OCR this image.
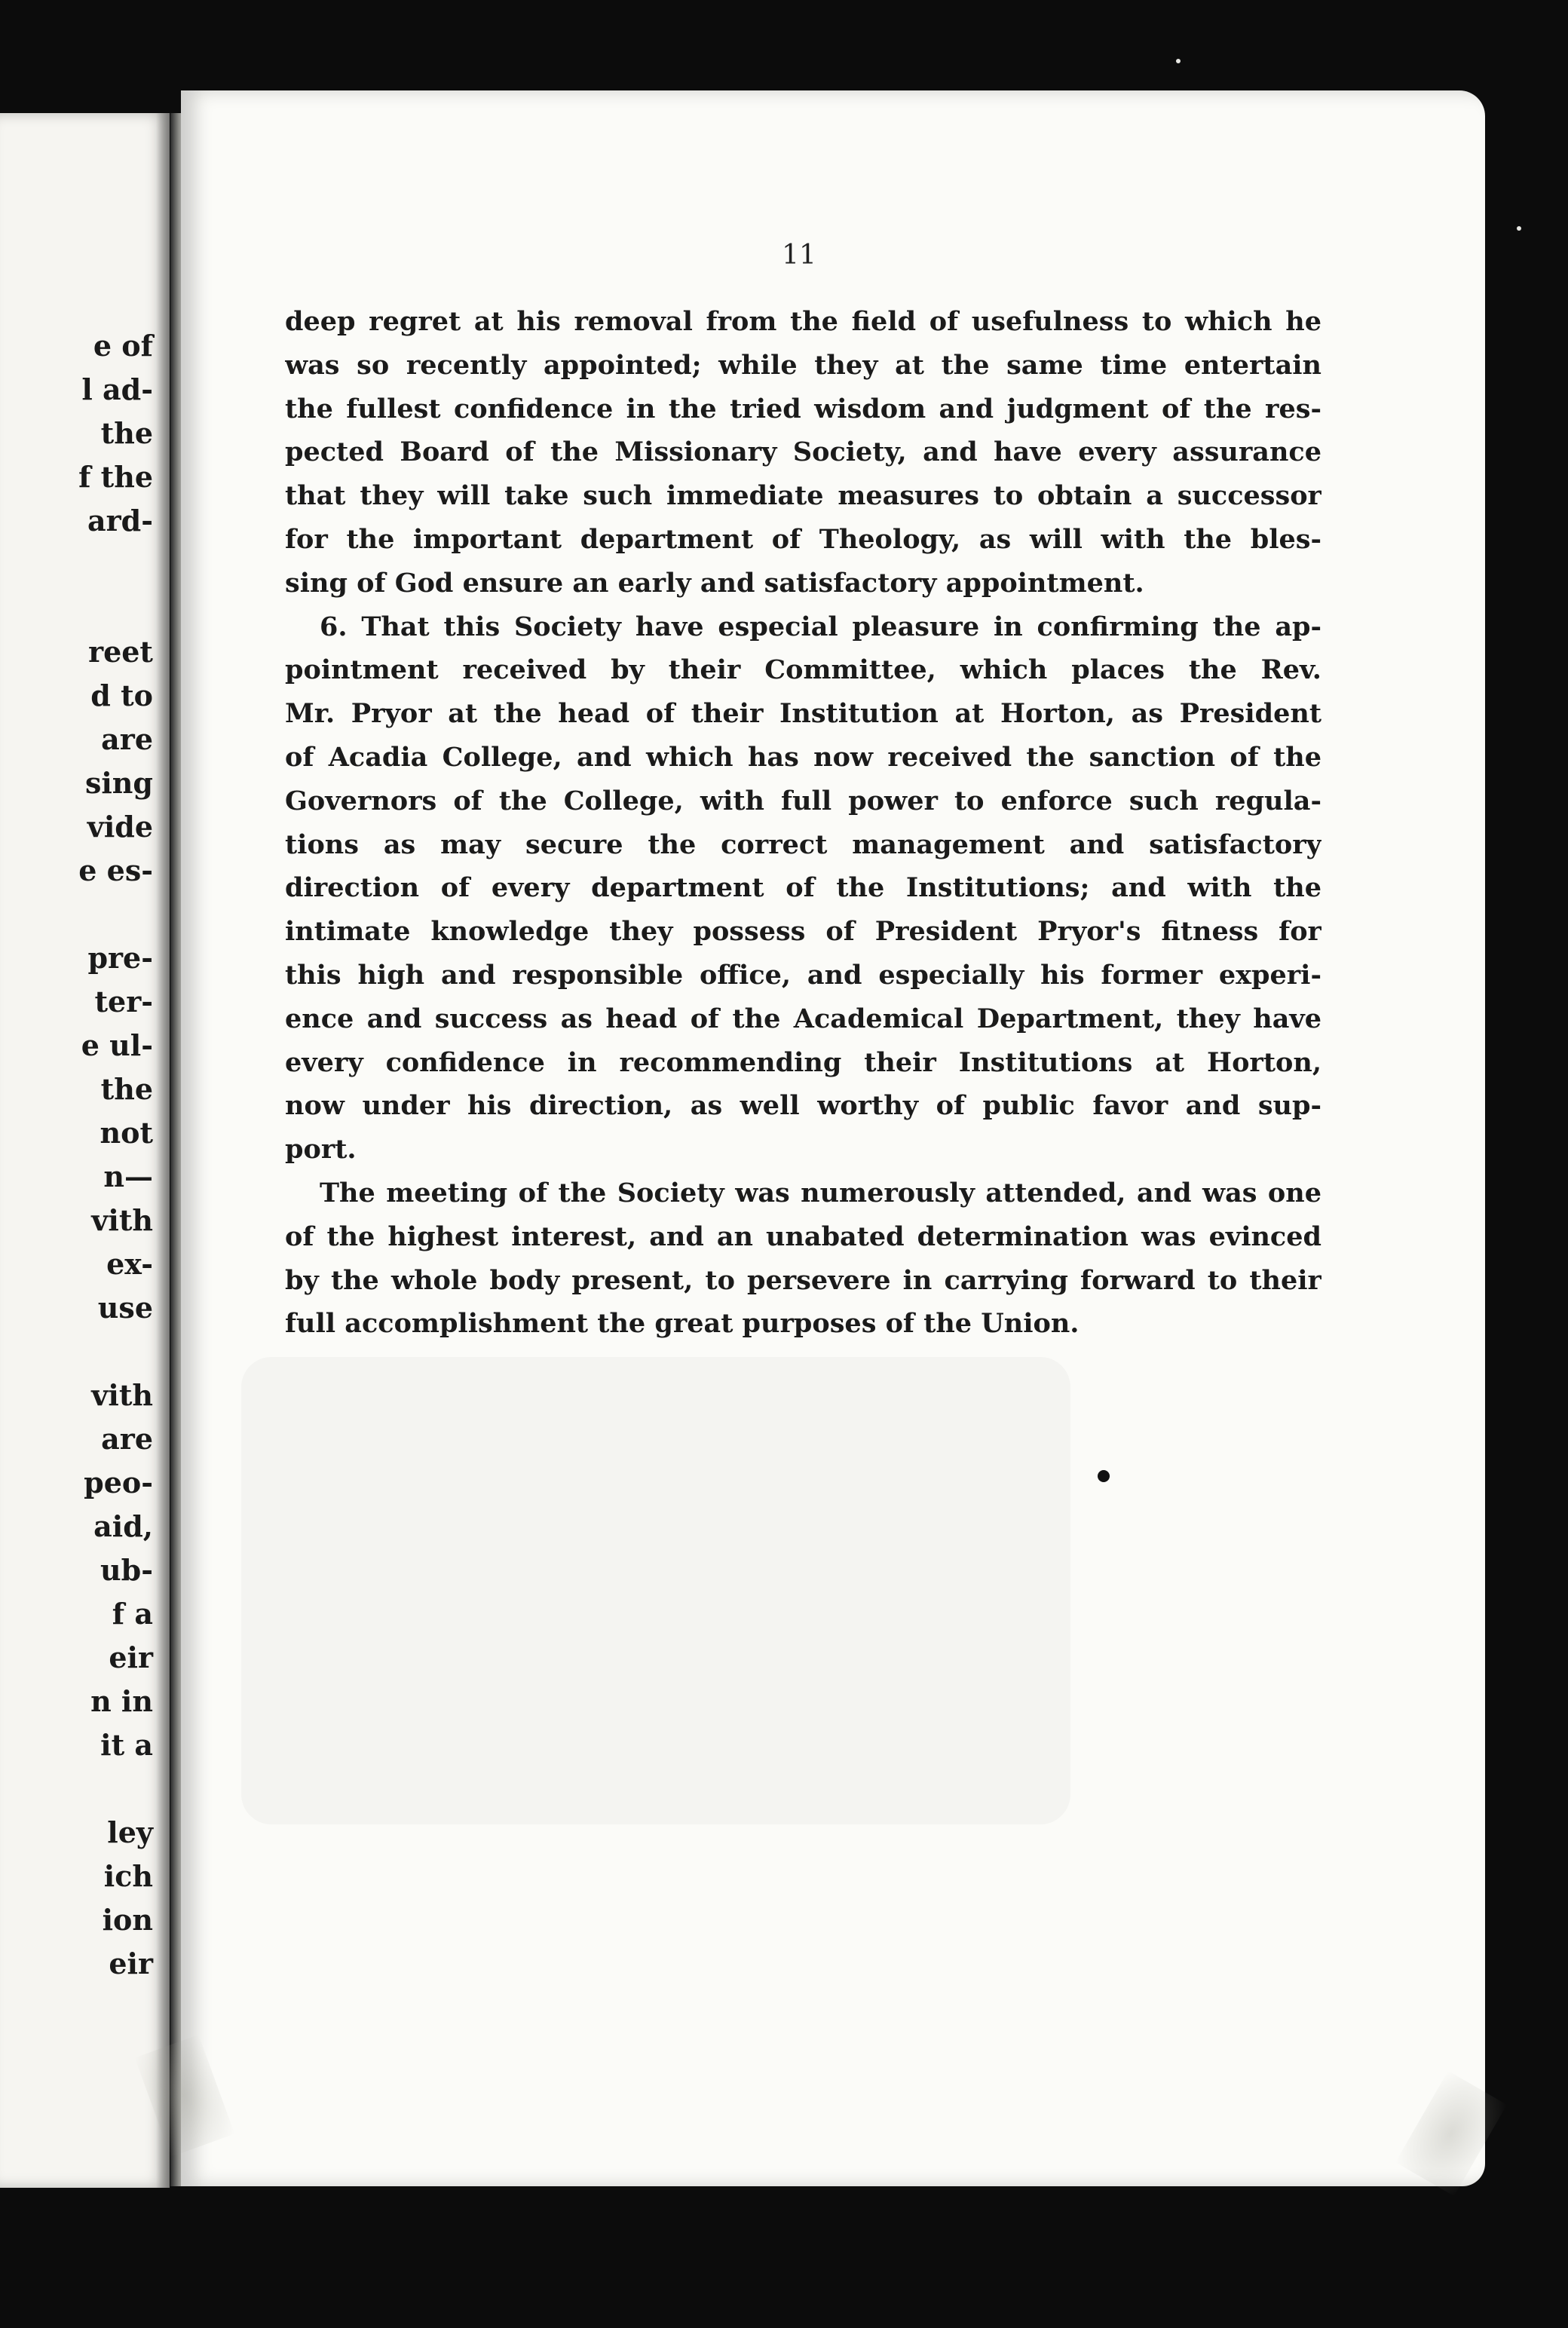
e of
l ad-
the
f the
ard-
reet
d to
are
sing
vide
e es-
pre-
ter-
e ul-
the
not
n—
vith
ex-
use
vith
are
peo-
aid,
ub-
f a
eir
n in
it a
ley
ich
ion
eir
11
deep regret at his removal from the field of usefulness to which he
was so recently appointed; while they at the same time entertain
the fullest confidence in the tried wisdom and judgment of the res-
pected Board of the Missionary Society, and have every assurance
that they will take such immediate measures to obtain a successor
for the important department of Theology, as will with the bles-
sing of God ensure an early and satisfactory appointment.
6. That this Society have especial pleasure in confirming the ap-
pointment received by their Committee, which places the Rev.
Mr. Pryor at the head of their Institution at Horton, as President
of Acadia College, and which has now received the sanction of the
Governors of the College, with full power to enforce such regula-
tions as may secure the correct management and satisfactory
direction of every department of the Institutions; and with the
intimate knowledge they possess of President Pryor's fitness for
this high and responsible office, and especially his former experi-
ence and success as head of the Academical Department, they have
every confidence in recommending their Institutions at Horton,
now under his direction, as well worthy of public favor and sup-
port.
The meeting of the Society was numerously attended, and was one
of the highest interest, and an unabated determination was evinced
by the whole body present, to persevere in carrying forward to their
full accomplishment the great purposes of the Union.
